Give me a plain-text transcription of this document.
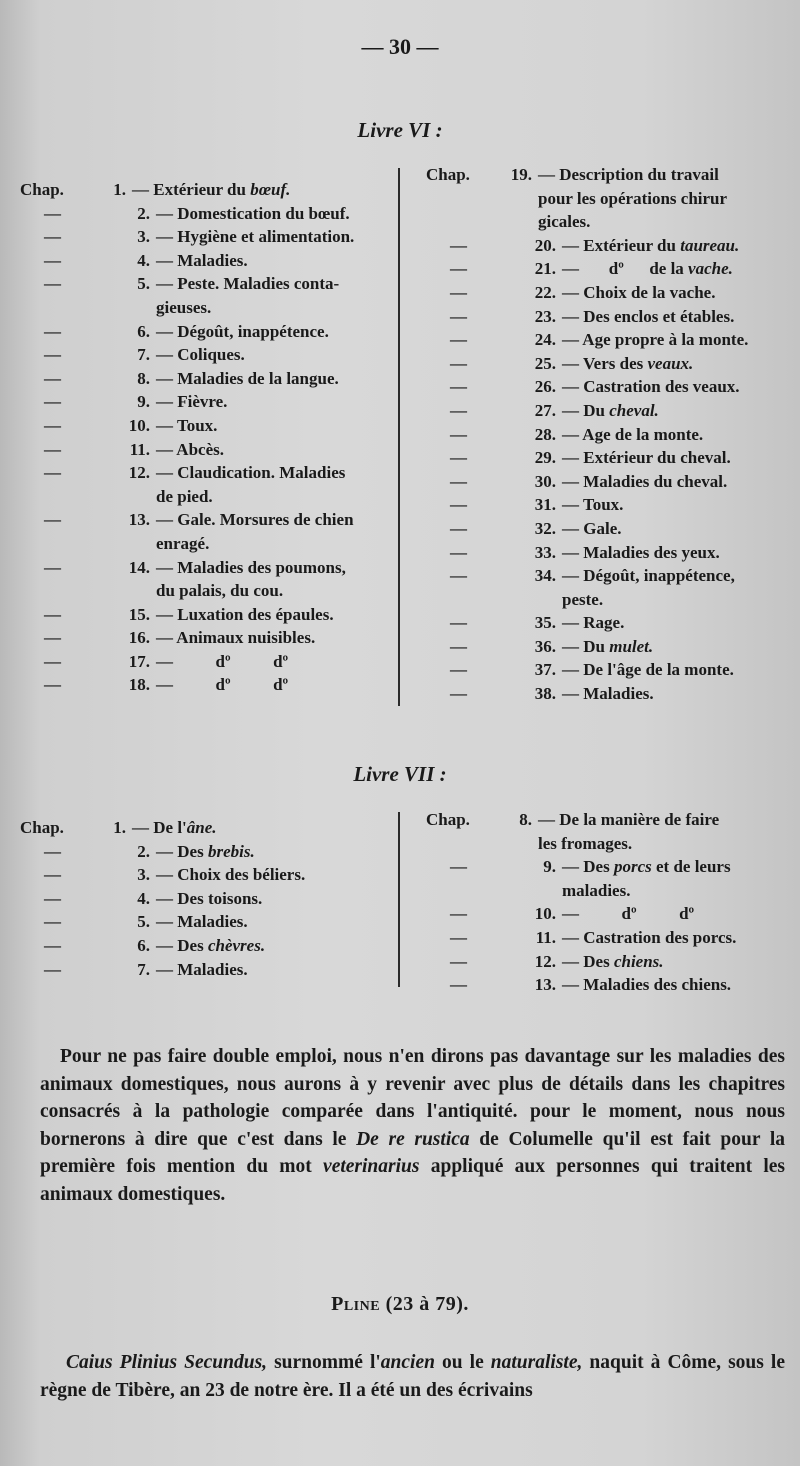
— 30 —
Livre VI :
Chap.	1. — Extérieur du bœuf.
—	2. — Domestication du bœuf.
—	3. — Hygiène et alimentation.
—	4. — Maladies.
—	5. — Peste. Maladies conta-
gieuses.
—	6. — Dégoût, inappétence.
—	7. — Coliques.
—	8. — Maladies de la langue.
—	9. — Fièvre.
—	10. — Toux.
—	11. — Abcès.
—	12. — Claudication. Maladies
de pied.
—	13. — Gale. Morsures de chien
enragé.
—	14. — Maladies des poumons,
du palais, du cou.
—	15. — Luxation des épaules.
—	16. — Animaux nuisibles.
—	17. —          dº          dº
—	18. —          dº          dº
Chap.	19. — Description du travail
pour les opérations chirur
gicales.
—	20. — Extérieur du taureau.
—	21. —       dº      de la vache.
—	22. — Choix de la vache.
—	23. — Des enclos et étables.
—	24. — Age propre à la monte.
—	25. — Vers des veaux.
—	26. — Castration des veaux.
—	27. — Du cheval.
—	28. — Age de la monte.
—	29. — Extérieur du cheval.
—	30. — Maladies du cheval.
—	31. — Toux.
—	32. — Gale.
—	33. — Maladies des yeux.
—	34. — Dégoût, inappétence,
peste.
—	35. — Rage.
—	36. — Du mulet.
—	37. — De l'âge de la monte.
—	38. — Maladies.
Livre VII :
Chap.	1. — De l'âne.
—	2. — Des brebis.
—	3. — Choix des béliers.
—	4. — Des toisons.
—	5. — Maladies.
—	6. — Des chèvres.
—	7. — Maladies.
Chap.	8. — De la manière de faire
les fromages.
—	9. — Des porcs et de leurs
maladies.
—	10. —          dº          dº
—	11. — Castration des porcs.
—	12. — Des chiens.
—	13. — Maladies des chiens.

Pour ne pas faire double emploi, nous n'en dirons pas davantage sur les maladies des animaux domestiques, nous aurons à y revenir avec plus de détails dans les chapitres consacrés à la pathologie comparée dans l'antiquité. pour le moment, nous nous bornerons à dire que c'est dans le De re rustica de Columelle qu'il est fait pour la première fois mention du mot veterinarius appliqué aux personnes qui traitent les animaux domestiques.

Pline (23 à 79).

Caius Plinius Secundus, surnommé l'ancien ou le naturaliste, naquit à Côme, sous le règne de Tibère, an 23 de notre ère. Il a été un des écrivains
